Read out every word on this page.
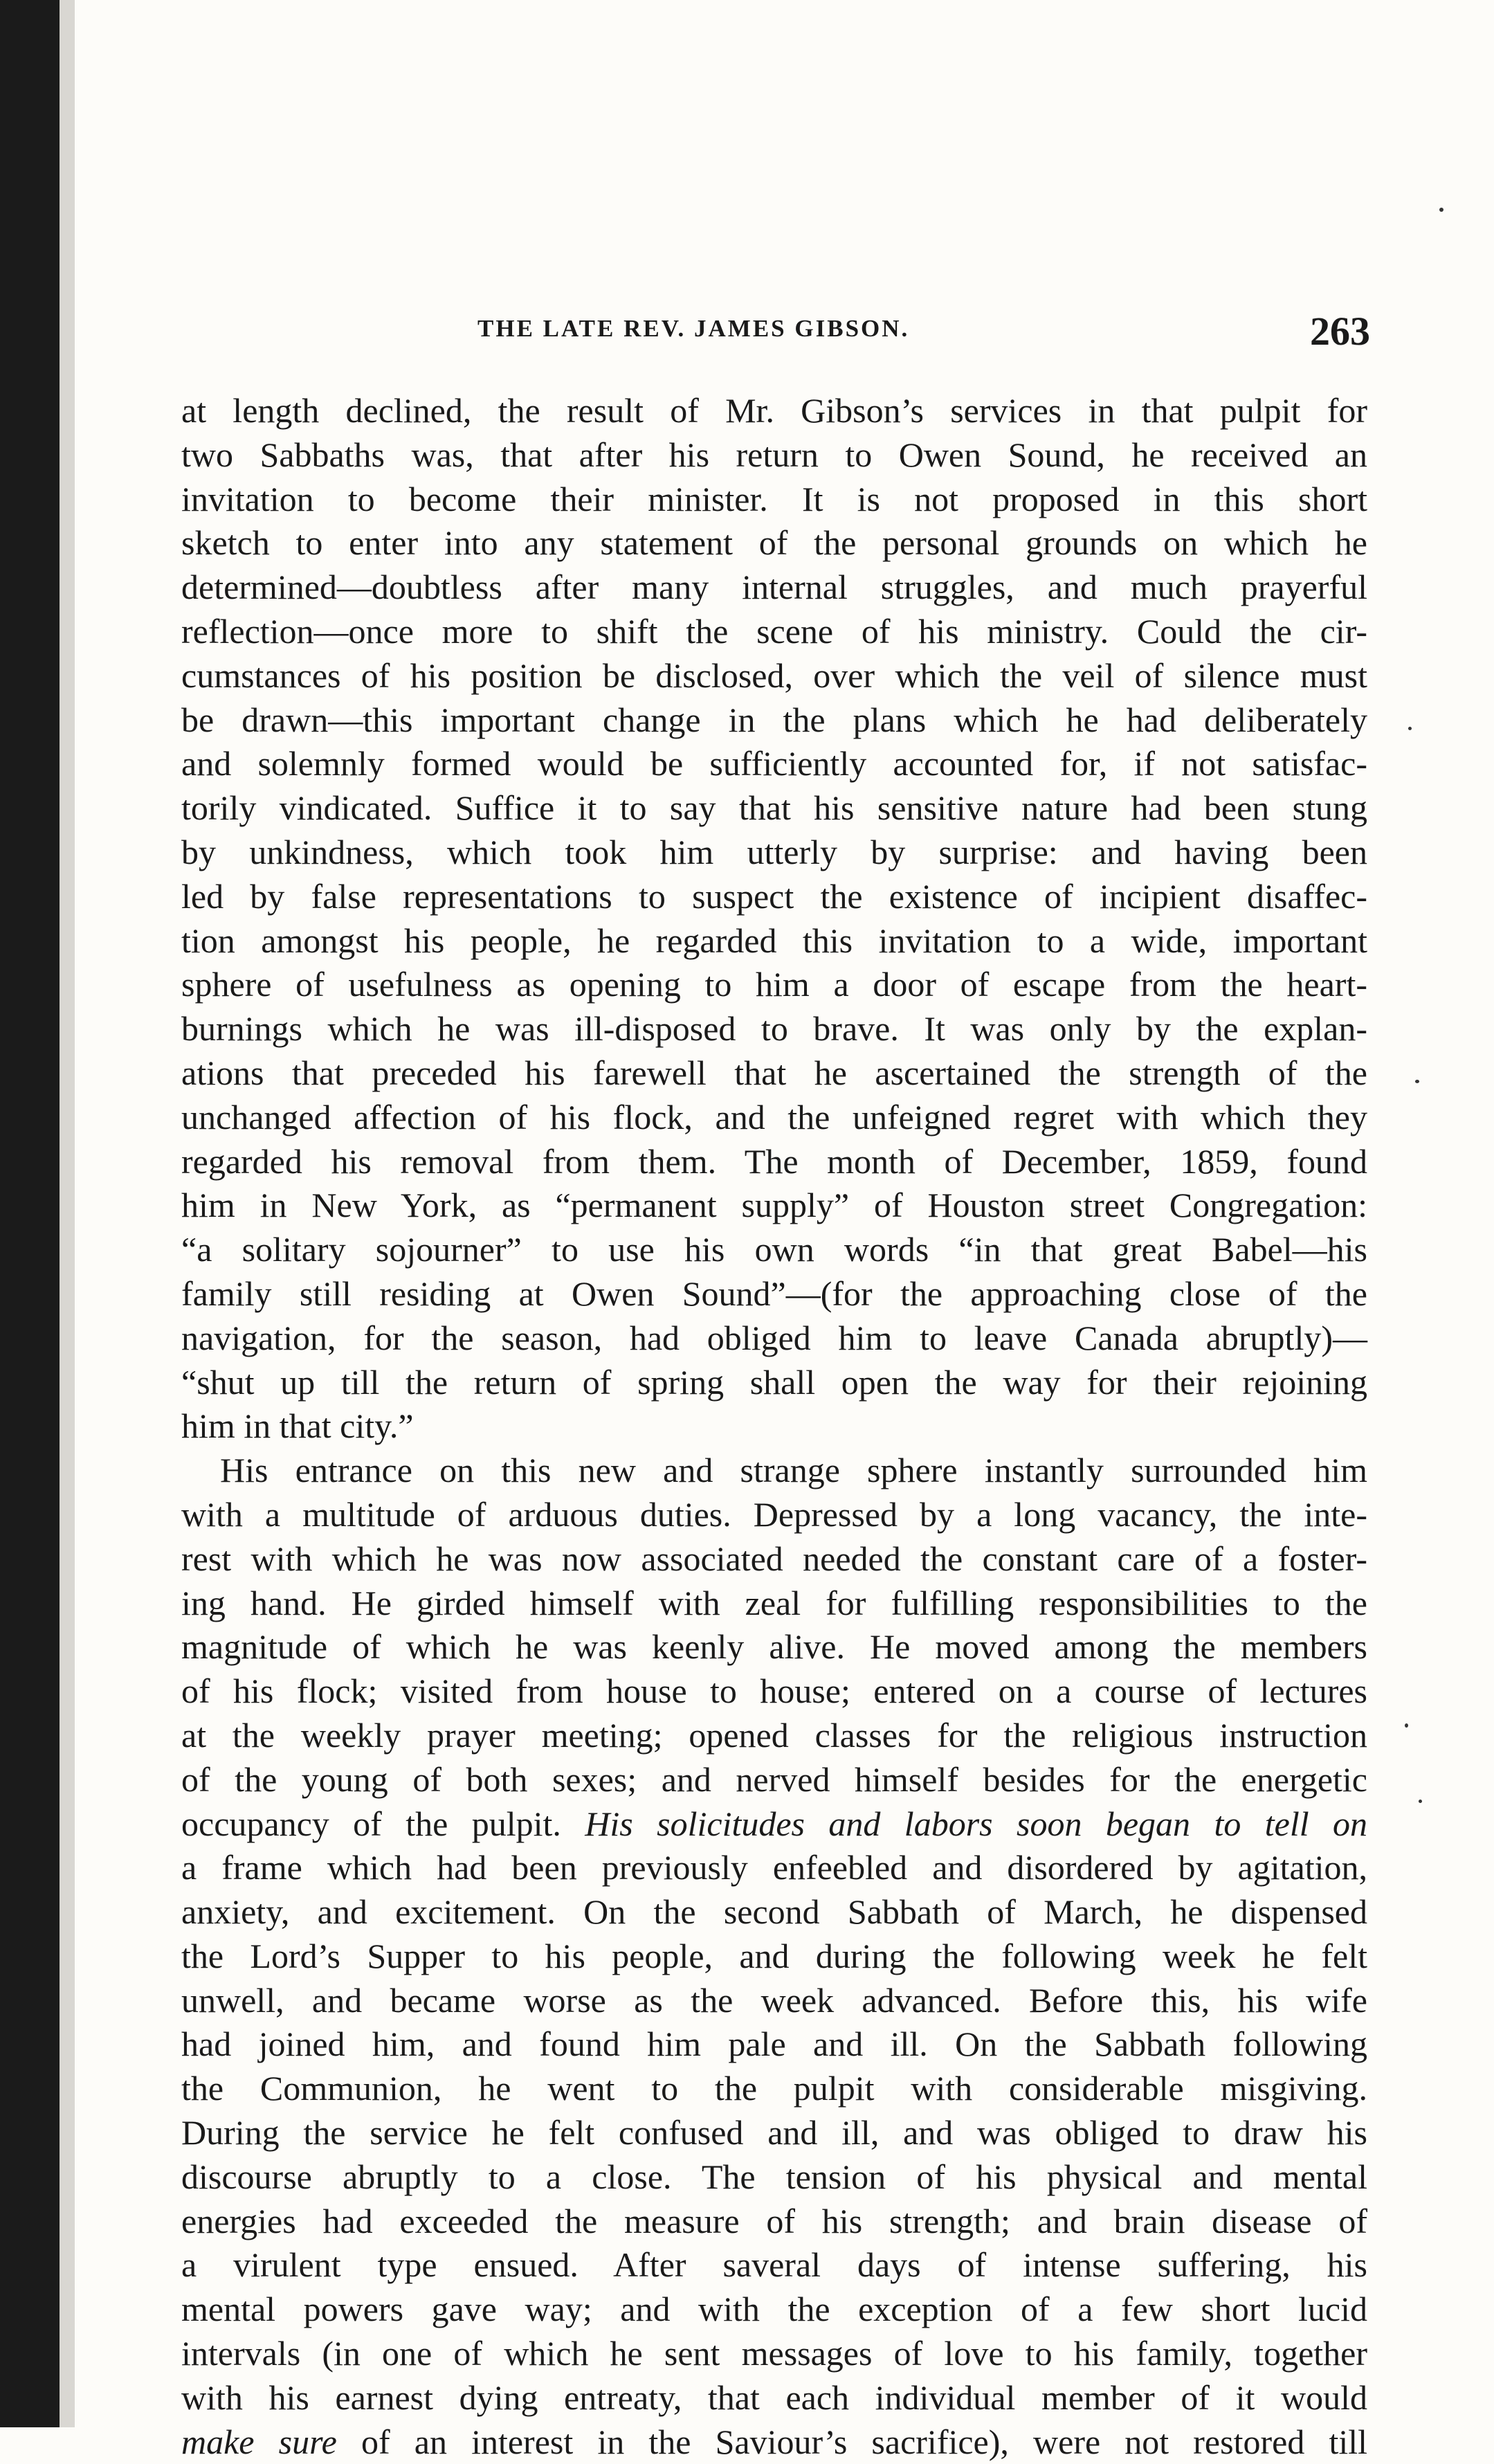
THE LATE REV. JAMES GIBSON.	263
at length declined, the result of Mr. Gibson’s services in that pulpit for
two Sabbaths was, that after his return to Owen Sound, he received an
invitation to become their minister. It is not proposed in this short
sketch to enter into any statement of the personal grounds on which he
determined—doubtless after many internal struggles, and much prayerful
reflection—once more to shift the scene of his ministry. Could the cir-
cumstances of his position be disclosed, over which the veil of silence must
be drawn—this important change in the plans which he had deliberately
and solemnly formed would be sufficiently accounted for, if not satisfac-
torily vindicated. Suffice it to say that his sensitive nature had been stung
by unkindness, which took him utterly by surprise: and having been
led by false representations to suspect the existence of incipient disaffec-
tion amongst his people, he regarded this invitation to a wide, important
sphere of usefulness as opening to him a door of escape from the heart-
burnings which he was ill-disposed to brave. It was only by the explan-
ations that preceded his farewell that he ascertained the strength of the
unchanged affection of his flock, and the unfeigned regret with which they
regarded his removal from them. The month of December, 1859, found
him in New York, as “permanent supply” of Houston street Congregation:
“a solitary sojourner” to use his own words “in that great Babel—his
family still residing at Owen Sound”—(for the approaching close of the
navigation, for the season, had obliged him to leave Canada abruptly)—
“shut up till the return of spring shall open the way for their rejoining
him in that city.”
His entrance on this new and strange sphere instantly surrounded him
with a multitude of arduous duties. Depressed by a long vacancy, the inte-
rest with which he was now associated needed the constant care of a foster-
ing hand. He girded himself with zeal for fulfilling responsibilities to the
magnitude of which he was keenly alive. He moved among the members
of his flock; visited from house to house; entered on a course of lectures
at the weekly prayer meeting; opened classes for the religious instruction
of the young of both sexes; and nerved himself besides for the energetic
occupancy of the pulpit. His solicitudes and labors soon began to tell on
a frame which had been previously enfeebled and disordered by agitation,
anxiety, and excitement. On the second Sabbath of March, he dispensed
the Lord’s Supper to his people, and during the following week he felt
unwell, and became worse as the week advanced. Before this, his wife
had joined him, and found him pale and ill. On the Sabbath following
the Communion, he went to the pulpit with considerable misgiving.
During the service he felt confused and ill, and was obliged to draw his
discourse abruptly to a close. The tension of his physical and mental
energies had exceeded the measure of his strength; and brain disease of
a virulent type ensued. After saveral days of intense suffering, his
mental powers gave way; and with the exception of a few short lucid
intervals (in one of which he sent messages of love to his family, together
with his earnest dying entreaty, that each individual member of it would
make sure of an interest in the Saviour’s sacrifice), were not restored till
